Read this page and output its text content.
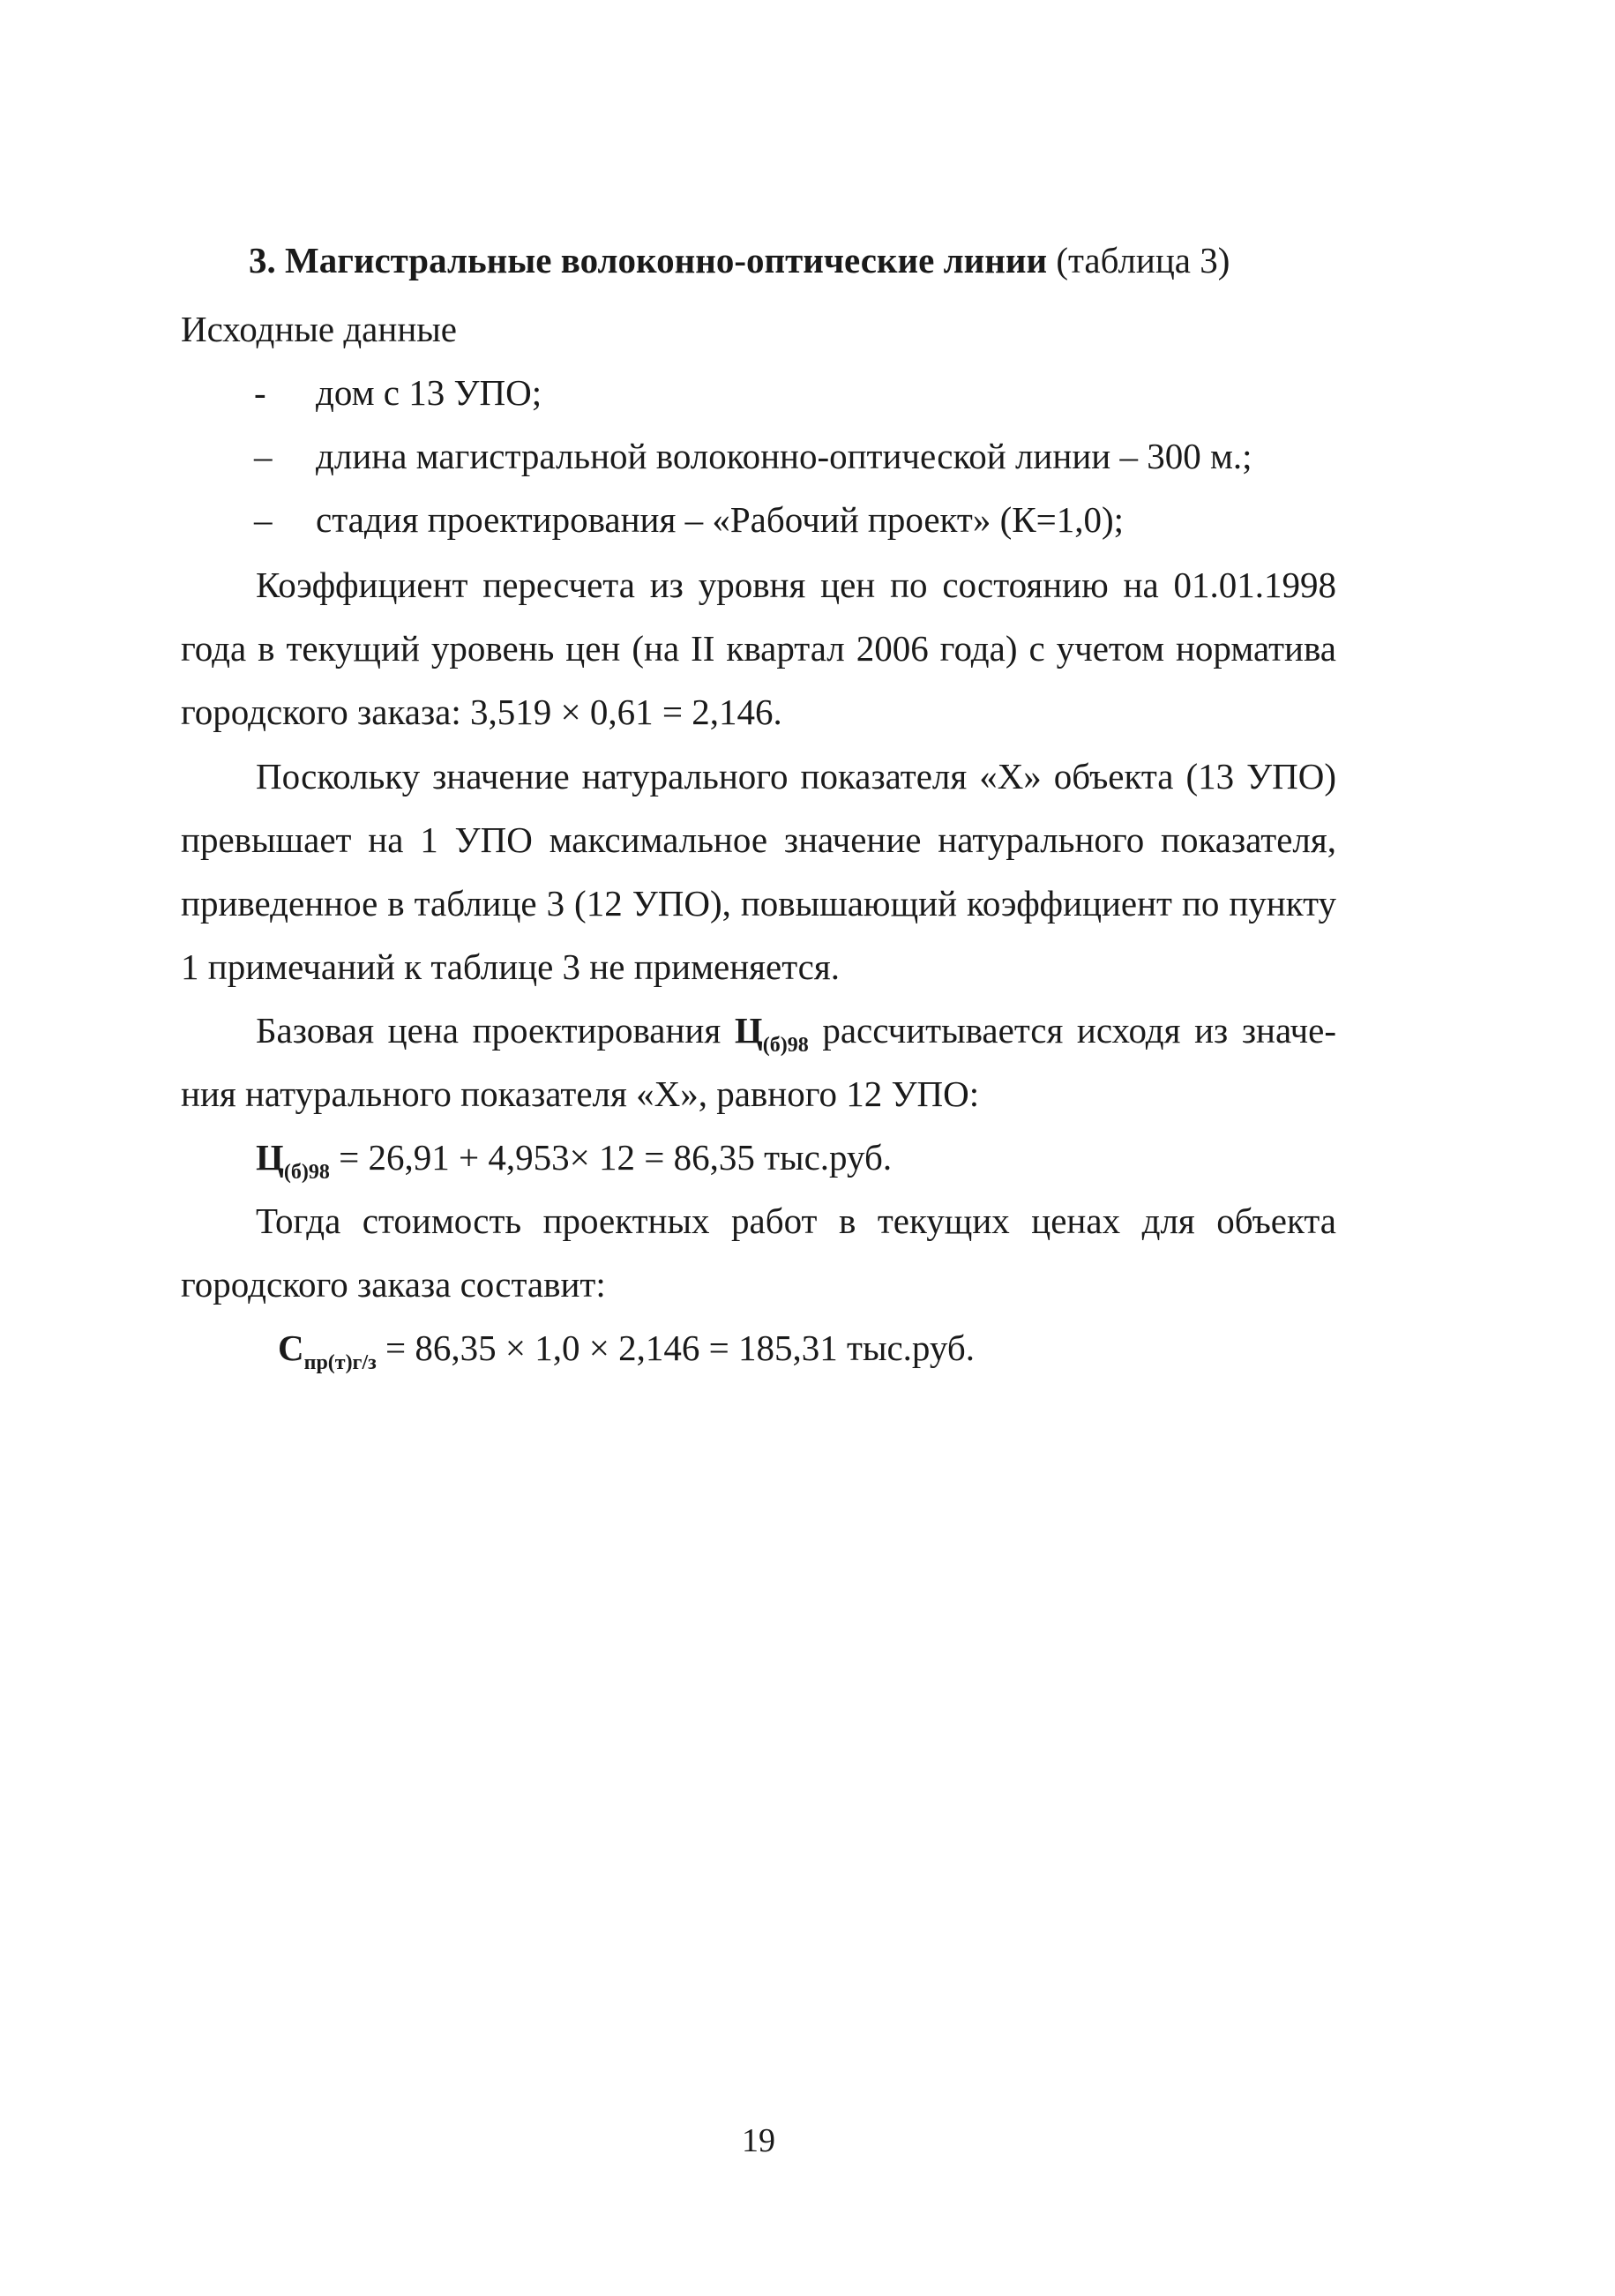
3. Магистральные волоконно-оптические линии (таблица 3)
Исходные данные
- дом с 13 УПО;
– длина магистральной волоконно-оптической линии – 300 м.;
– стадия проектирования – «Рабочий проект» (К=1,0);
Коэффициент пересчета из уровня цен по состоянию на 01.01.1998
года в текущий уровень цен (на II квартал 2006 года) с учетом норматива
городского заказа: 3,519 × 0,61 = 2,146.
Поскольку значение натурального показателя «Х» объекта (13 УПО)
превышает на 1 УПО максимальное значение натурального показателя,
приведенное в таблице 3 (12 УПО), повышающий коэффициент по пункту
1 примечаний к таблице 3 не применяется.
Базовая цена проектирования $Ц_{(б)98}$ рассчитывается исходя из значе-
ния натурального показателя «Х», равного 12 УПО:
$Ц_{(б)98} = 26,91 + 4,953\times 12 = 86,35$ тыс.руб.
Тогда стоимость проектных работ в текущих ценах для объекта
городского заказа составит:
$С_{пр(т)г/з} = 86,35 \times 1,0 \times 2,146 = 185,31$ тыс.руб.
19
